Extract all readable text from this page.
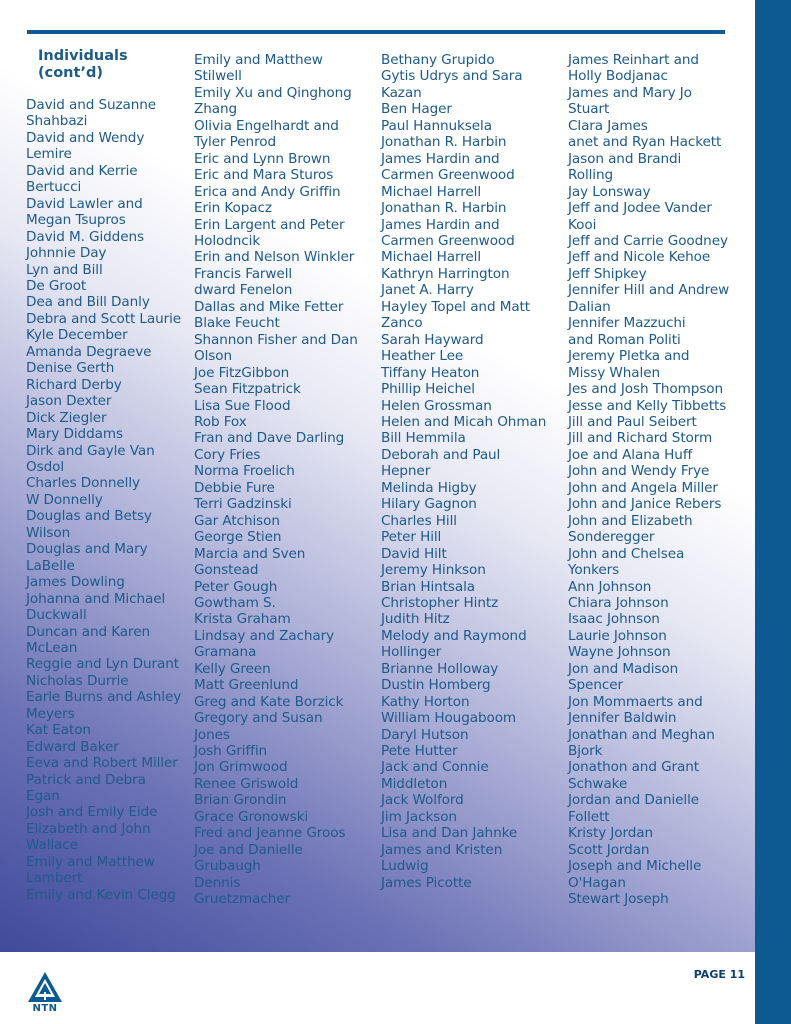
Individuals (cont’d)
David and Suzanne
Shahbazi
David and Wendy
Lemire
David and Kerrie
Bertucci
David Lawler and
Megan Tsupros
David M. Giddens
Johnnie Day
Lyn and Bill
De Groot
Dea and Bill Danly
Debra and Scott Laurie
Kyle December
Amanda Degraeve
Denise Gerth
Richard Derby
Jason Dexter
Dick Ziegler
Mary Diddams
Dirk and Gayle Van
Osdol
Charles Donnelly
W Donnelly
Douglas and Betsy
Wilson
Douglas and Mary
LaBelle
James Dowling
Johanna and Michael
Duckwall
Duncan and Karen
McLean
Reggie and Lyn Durant
Nicholas Durrie
Earle Burns and Ashley
Meyers
Kat Eaton
Edward Baker
Eeva and Robert Miller
Patrick and Debra
Egan
Josh and Emily Eide
Elizabeth and John
Wallace
Emily and Matthew
Lambert
Emily and Kevin Clegg
Emily and Matthew
Stilwell
Emily Xu and Qinghong
Zhang
Olivia Engelhardt and
Tyler Penrod
Eric and Lynn Brown
Eric and Mara Sturos
Erica and Andy Griffin
Erin Kopacz
Erin Largent and Peter
Holodncik
Erin and Nelson Winkler
Francis Farwell
dward Fenelon
Dallas and Mike Fetter
Blake Feucht
Shannon Fisher and Dan
Olson
Joe FitzGibbon
Sean Fitzpatrick
Lisa Sue Flood
Rob Fox
Fran and Dave Darling
Cory Fries
Norma Froelich
Debbie Fure
Terri Gadzinski
Gar Atchison
George Stien
Marcia and Sven
Gonstead
Peter Gough
Gowtham S.
Krista Graham
Lindsay and Zachary
Gramana
Kelly Green
Matt Greenlund
Greg and Kate Borzick
Gregory and Susan
Jones
Josh Griffin
Jon Grimwood
Renee Griswold
Brian Grondin
Grace Gronowski
Fred and Jeanne Groos
Joe and Danielle
Grubaugh
Dennis
Gruetzmacher
Bethany Grupido
Gytis Udrys and Sara
Kazan
Ben Hager
Paul Hannuksela
Jonathan R. Harbin
James Hardin and
Carmen Greenwood
Michael Harrell
Jonathan R. Harbin
James Hardin and
Carmen Greenwood
Michael Harrell
Kathryn Harrington
Janet A. Harry
Hayley Topel and Matt
Zanco
Sarah Hayward
Heather Lee
Tiffany Heaton
Phillip Heichel
Helen Grossman
Helen and Micah Ohman
Bill Hemmila
Deborah and Paul
Hepner
Melinda Higby
Hilary Gagnon
Charles Hill
Peter Hill
David Hilt
Jeremy Hinkson
Brian Hintsala
Christopher Hintz
Judith Hitz
Melody and Raymond
Hollinger
Brianne Holloway
Dustin Homberg
Kathy Horton
William Hougaboom
Daryl Hutson
Pete Hutter
Jack and Connie
Middleton
Jack Wolford
Jim Jackson
Lisa and Dan Jahnke
James and Kristen
Ludwig
James Picotte
James Reinhart and
Holly Bodjanac
James and Mary Jo
Stuart
Clara James
anet and Ryan Hackett
Jason and Brandi
Rolling
Jay Lonsway
Jeff and Jodee Vander
Kooi
Jeff and Carrie Goodney
Jeff and Nicole Kehoe
Jeff Shipkey
Jennifer Hill and Andrew
Dalian
Jennifer Mazzuchi
and Roman Politi
Jeremy Pletka and
Missy Whalen
Jes and Josh Thompson
Jesse and Kelly Tibbetts
Jill and Paul Seibert
Jill and Richard Storm
Joe and Alana Huff
John and Wendy Frye
John and Angela Miller
John and Janice Rebers
John and Elizabeth
Sonderegger
John and Chelsea
Yonkers
Ann Johnson
Chiara Johnson
Isaac Johnson
Laurie Johnson
Wayne Johnson
Jon and Madison
Spencer
Jon Mommaerts and
Jennifer Baldwin
Jonathan and Meghan
Bjork
Jonathon and Grant
Schwake
Jordan and Danielle
Follett
Kristy Jordan
Scott Jordan
Joseph and Michelle
O'Hagan
Stewart Joseph
NTN
PAGE 11
